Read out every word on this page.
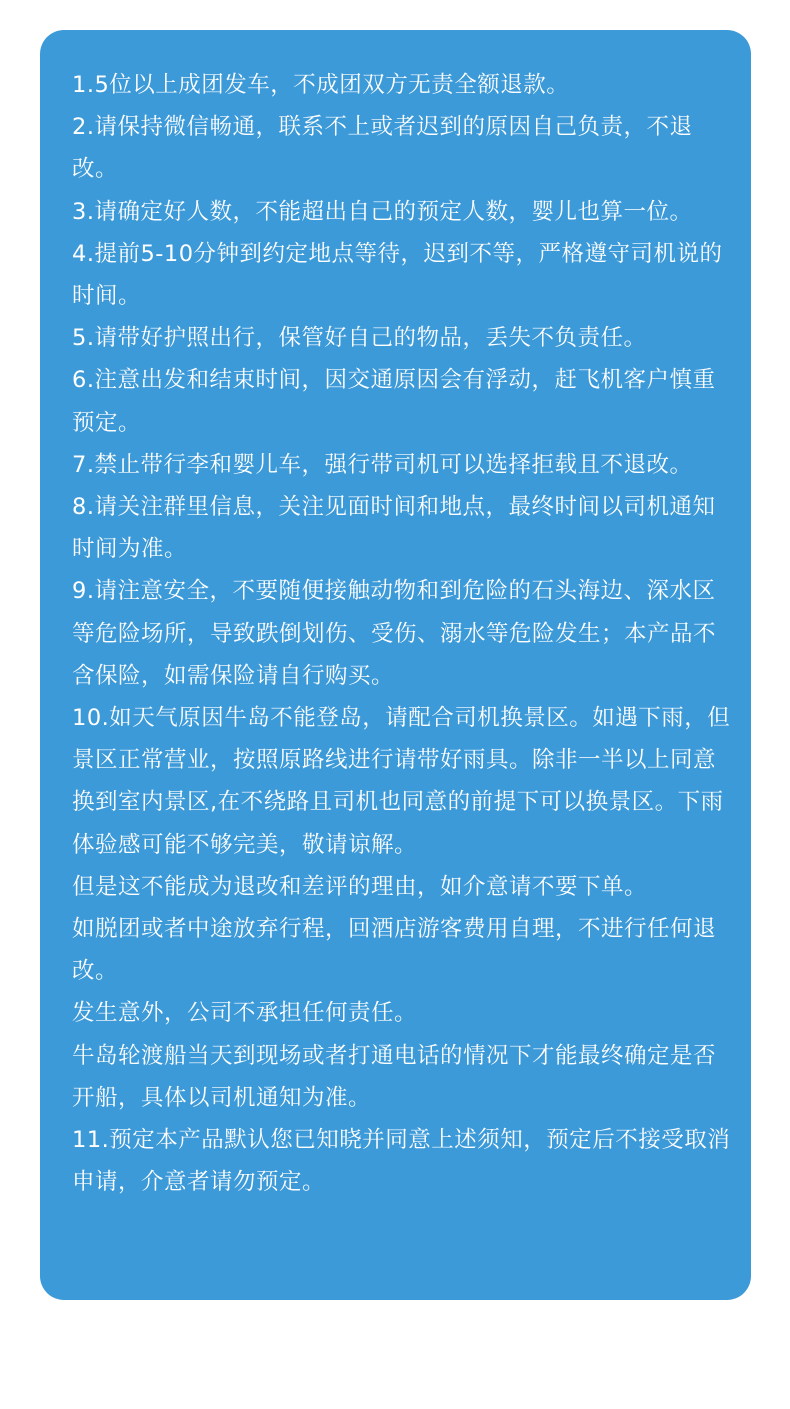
1.5位以上成团发车，不成团双方无责全额退款。
2.请保持微信畅通，联系不上或者迟到的原因自己负责，不退改。
3.请确定好人数，不能超出自己的预定人数，婴儿也算一位。
4.提前5-10分钟到约定地点等待，迟到不等，严格遵守司机说的时间。
5.请带好护照出行，保管好自己的物品，丢失不负责任。
6.注意出发和结束时间，因交通原因会有浮动，赶飞机客户慎重预定。
7.禁止带行李和婴儿车，强行带司机可以选择拒载且不退改。
8.请关注群里信息，关注见面时间和地点，最终时间以司机通知时间为准。
9.请注意安全，不要随便接触动物和到危险的石头海边、深水区等危险场所，导致跌倒划伤、受伤、溺水等危险发生；本产品不含保险，如需保险请自行购买。
10.如天气原因牛岛不能登岛，请配合司机换景区。如遇下雨，但景区正常营业，按照原路线进行请带好雨具。除非一半以上同意换到室内景区,在不绕路且司机也同意的前提下可以换景区。下雨体验感可能不够完美，敬请谅解。
但是这不能成为退改和差评的理由，如介意请不要下单。
如脱团或者中途放弃行程，回酒店游客费用自理，不进行任何退改。
发生意外，公司不承担任何责任。
牛岛轮渡船当天到现场或者打通电话的情况下才能最终确定是否开船，具体以司机通知为准。
11.预定本产品默认您已知晓并同意上述须知，预定后不接受取消申请，介意者请勿预定。
